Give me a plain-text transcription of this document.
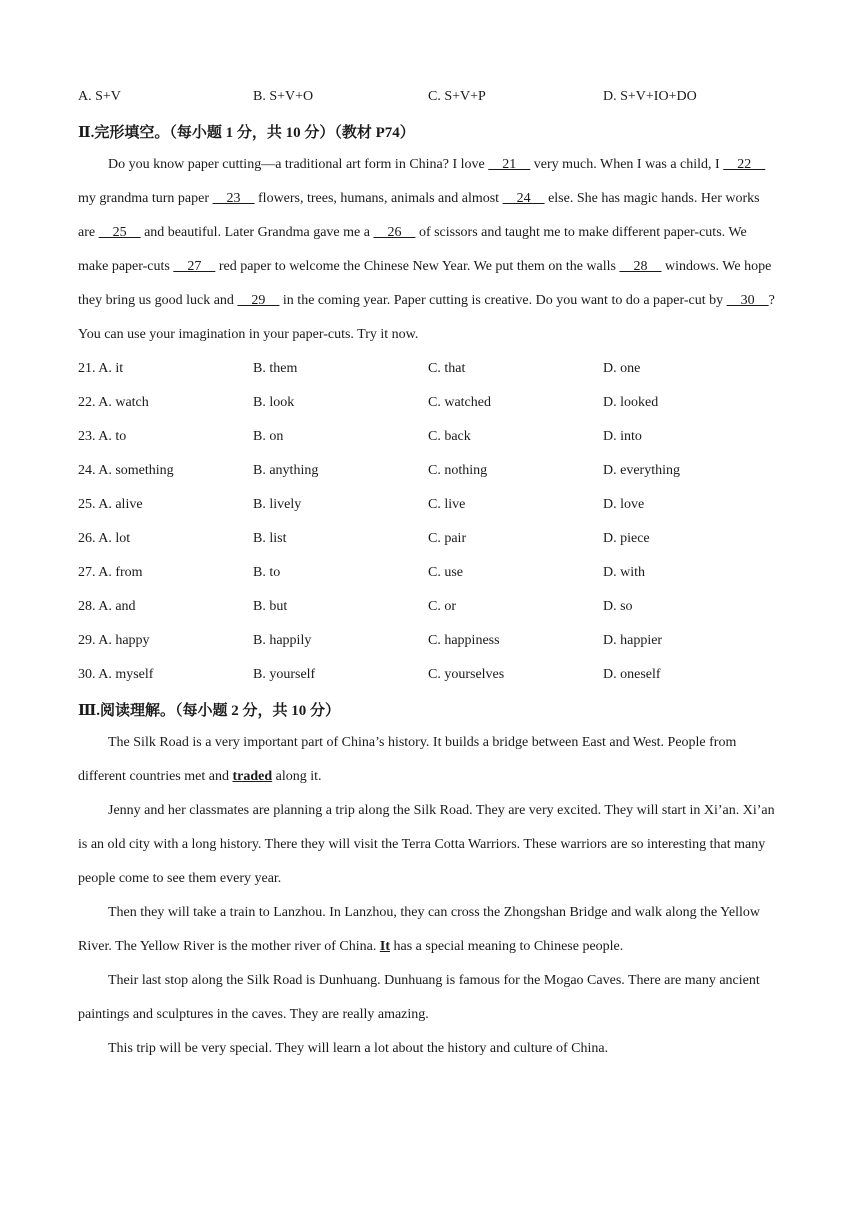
A. S+V	B. S+V+O	C. S+V+P	D. S+V+IO+DO
Ⅱ.完形填空。（每小题 1 分，共 10 分）（教材 P74）

Do you know paper cutting—a traditional art form in China? I love     21     very much. When I was a child, I     22     my grandma turn paper     23     flowers, trees, humans, animals and almost     24     else. She has magic hands. Her works are     25     and beautiful. Later Grandma gave me a     26     of scissors and taught me to make different paper-cuts. We make paper-cuts     27     red paper to welcome the Chinese New Year. We put them on the walls     28     windows. We hope they bring us good luck and     29     in the coming year. Paper cutting is creative. Do you want to do a paper-cut by     30    ? You can use your imagination in your paper-cuts. Try it now.

21. A. it	B. them	C. that	D. one
22. A. watch	B. look	C. watched	D. looked
23. A. to	B. on	C. back	D. into
24. A. something	B. anything	C. nothing	D. everything
25. A. alive	B. lively	C. live	D. love
26. A. lot	B. list	C. pair	D. piece
27. A. from	B. to	C. use	D. with
28. A. and	B. but	C. or	D. so
29. A. happy	B. happily	C. happiness	D. happier
30. A. myself	B. yourself	C. yourselves	D. oneself
Ⅲ.阅读理解。（每小题 2 分，共 10 分）

The Silk Road is a very important part of China’s history. It builds a bridge between East and West. People from different countries met and traded along it.

Jenny and her classmates are planning a trip along the Silk Road. They are very excited. They will start in Xi’an. Xi’an is an old city with a long history. There they will visit the Terra Cotta Warriors. These warriors are so interesting that many people come to see them every year.

Then they will take a train to Lanzhou. In Lanzhou, they can cross the Zhongshan Bridge and walk along the Yellow River. The Yellow River is the mother river of China. It has a special meaning to Chinese people.

Their last stop along the Silk Road is Dunhuang. Dunhuang is famous for the Mogao Caves. There are many ancient paintings and sculptures in the caves. They are really amazing.

This trip will be very special. They will learn a lot about the history and culture of China.
